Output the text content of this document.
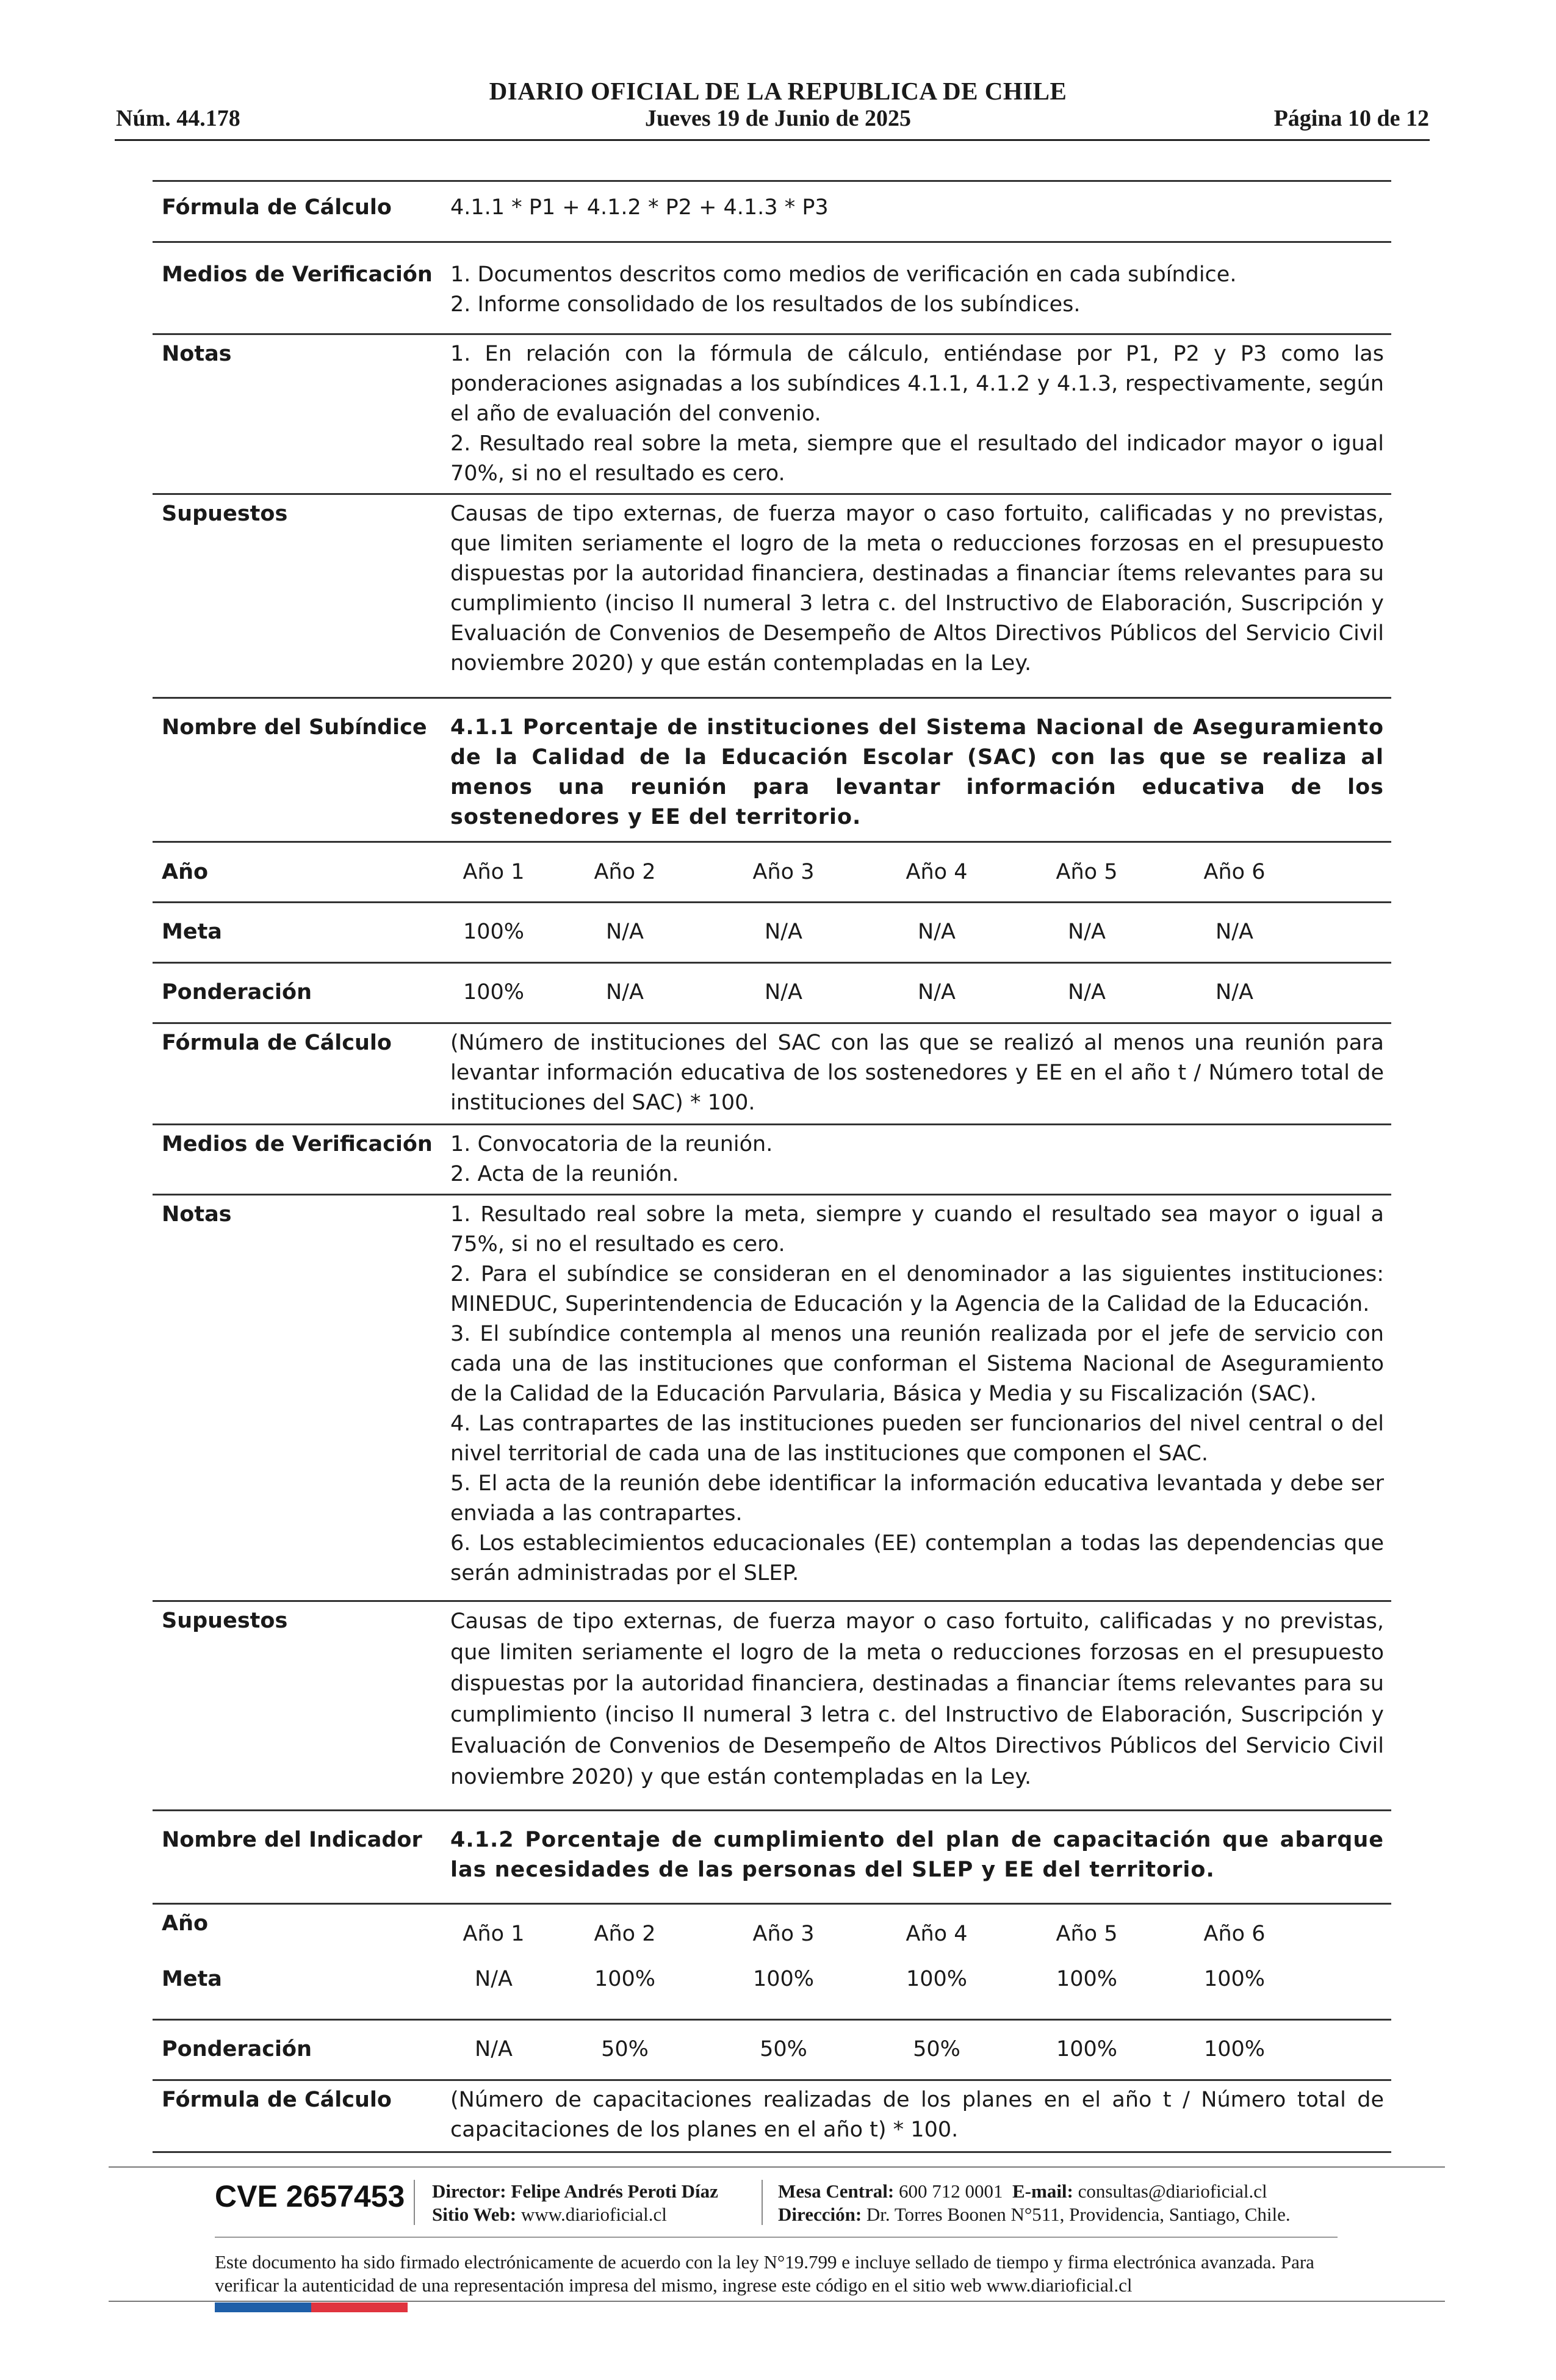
DIARIO OFICIAL DE LA REPUBLICA DE CHILE
Núm. 44.178	Jueves 19 de Junio de 2025	Página 10 de 12
Fórmula de Cálculo	4.1.1 * P1 + 4.1.2 * P2 + 4.1.3 * P3
Medios de Verificación 1. Documentos descritos como medios de verificación en cada subíndice.
2. Informe consolidado de los resultados de los subíndices.
Notas	1. En relación con la fórmula de cálculo, entiéndase por P1, P2 y P3 como las ponderaciones asignadas a los subíndices 4.1.1, 4.1.2 y 4.1.3, respectivamente, según el año de evaluación del convenio.
2. Resultado real sobre la meta, siempre que el resultado del indicador mayor o igual 70%, si no el resultado es cero.
Supuestos	Causas de tipo externas, de fuerza mayor o caso fortuito, calificadas y no previstas, que limiten seriamente el logro de la meta o reducciones forzosas en el presupuesto dispuestas por la autoridad financiera, destinadas a financiar ítems relevantes para su cumplimiento (inciso II numeral 3 letra c. del Instructivo de Elaboración, Suscripción y Evaluación de Convenios de Desempeño de Altos Directivos Públicos del Servicio Civil noviembre 2020) y que están contempladas en la Ley.
Nombre del Subíndice 4.1.1 Porcentaje de instituciones del Sistema Nacional de Aseguramiento de la Calidad de la Educación Escolar (SAC) con las que se realiza al menos una reunión para levantar información educativa de los sostenedores y EE del territorio.
Año	Año 1	Año 2	Año 3	Año 4	Año 5	Año 6
Meta	100%	N/A	N/A	N/A	N/A	N/A
Ponderación	100%	N/A	N/A	N/A	N/A	N/A
Fórmula de Cálculo	(Número de instituciones del SAC con las que se realizó al menos una reunión para levantar información educativa de los sostenedores y EE en el año t / Número total de instituciones del SAC) * 100.
Medios de Verificación 1. Convocatoria de la reunión.
2. Acta de la reunión.
Notas	1. Resultado real sobre la meta, siempre y cuando el resultado sea mayor o igual a 75%, si no el resultado es cero.
2. Para el subíndice se consideran en el denominador a las siguientes instituciones: MINEDUC, Superintendencia de Educación y la Agencia de la Calidad de la Educación.
3. El subíndice contempla al menos una reunión realizada por el jefe de servicio con cada una de las instituciones que conforman el Sistema Nacional de Aseguramiento de la Calidad de la Educación Parvularia, Básica y Media y su Fiscalización (SAC).
4. Las contrapartes de las instituciones pueden ser funcionarios del nivel central o del nivel territorial de cada una de las instituciones que componen el SAC.
5. El acta de la reunión debe identificar la información educativa levantada y debe ser enviada a las contrapartes.
6. Los establecimientos educacionales (EE) contemplan a todas las dependencias que serán administradas por el SLEP.
Supuestos	Causas de tipo externas, de fuerza mayor o caso fortuito, calificadas y no previstas, que limiten seriamente el logro de la meta o reducciones forzosas en el presupuesto dispuestas por la autoridad financiera, destinadas a financiar ítems relevantes para su cumplimiento (inciso II numeral 3 letra c. del Instructivo de Elaboración, Suscripción y Evaluación de Convenios de Desempeño de Altos Directivos Públicos del Servicio Civil noviembre 2020) y que están contempladas en la Ley.
Nombre del Indicador 4.1.2 Porcentaje de cumplimiento del plan de capacitación que abarque las necesidades de las personas del SLEP y EE del territorio.
Año	Año 1	Año 2	Año 3	Año 4	Año 5	Año 6
Meta	N/A	100%	100%	100%	100%	100%
Ponderación	N/A	50%	50%	50%	100%	100%
Fórmula de Cálculo	(Número de capacitaciones realizadas de los planes en el año t / Número total de capacitaciones de los planes en el año t) * 100.
CVE 2657453 Director: Felipe Andrés Peroti Díaz
Sitio Web: www.diarioficial.cl
Mesa Central: 600 712 0001 E-mail: consultas@diarioficial.cl
Dirección: Dr. Torres Boonen N°511, Providencia, Santiago, Chile.
Este documento ha sido firmado electrónicamente de acuerdo con la ley N°19.799 e incluye sellado de tiempo y firma electrónica avanzada. Para verificar la autenticidad de una representación impresa del mismo, ingrese este código en el sitio web www.diarioficial.cl
